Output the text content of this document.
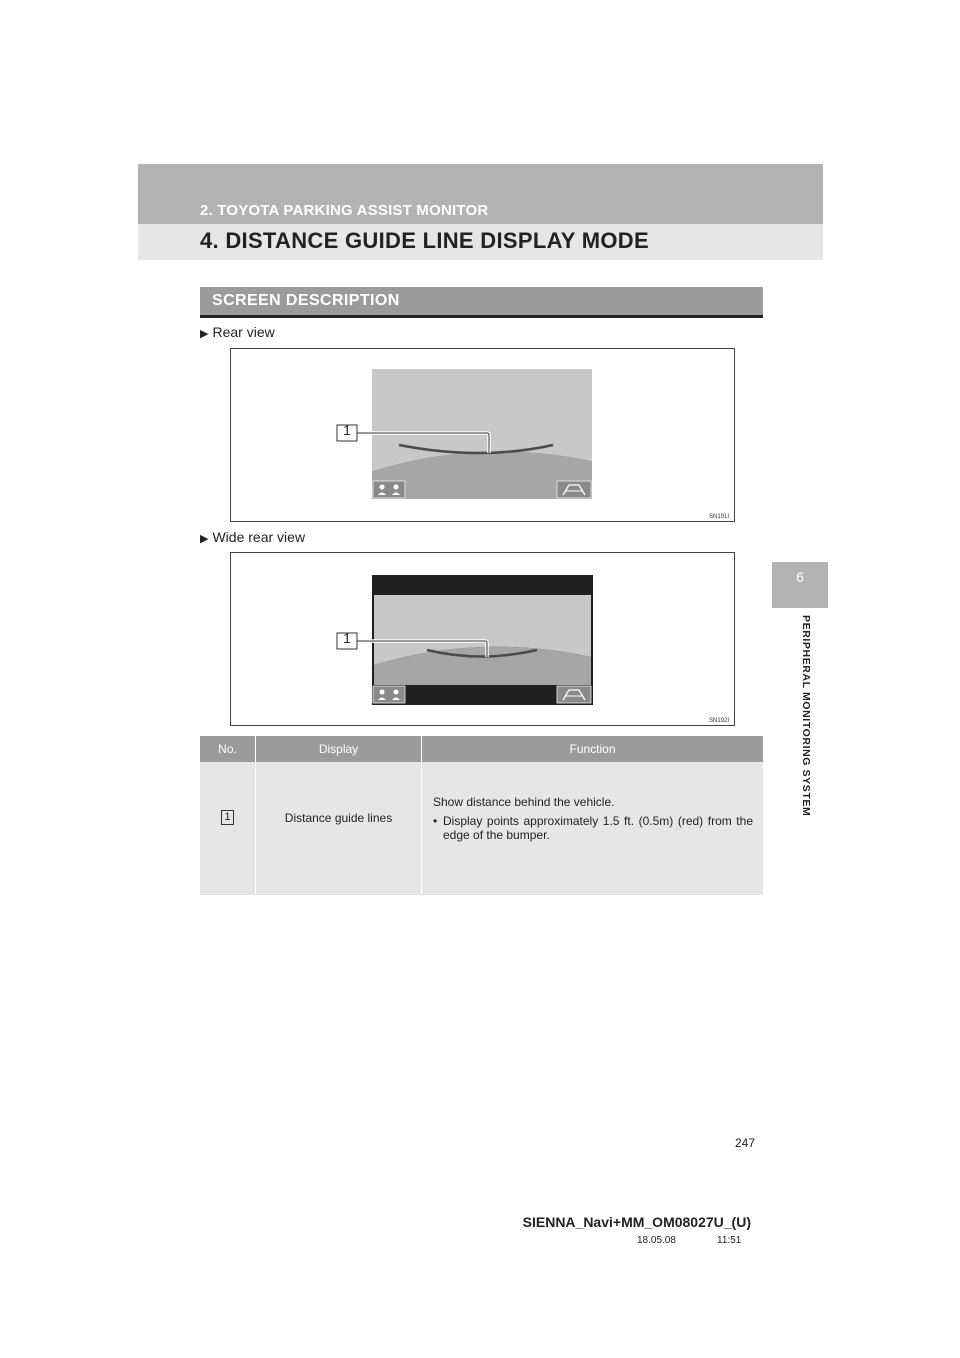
2. TOYOTA PARKING ASSIST MONITOR
4. DISTANCE GUIDE LINE DISPLAY MODE
6
PERIPHERAL MONITORING SYSTEM
SCREEN DESCRIPTION
▶ Rear view
1
SN191I
▶ Wide rear view
1
SN192I
No.	Display	Function
1	Distance guide lines	Show distance behind the vehicle.

• Display points approximately 1.5 ft. (0.5m) (red) from the edge of the bumper.
247
SIENNA_Navi+MM_OM08027U_(U)
18.05.08	11:51
